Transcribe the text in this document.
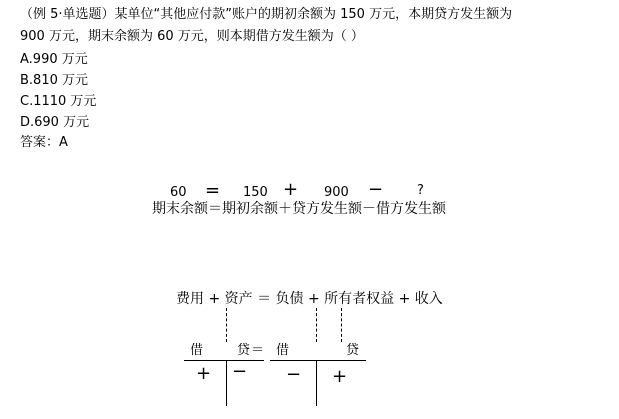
（例 5·单选题）某单位“其他应付款”账户的期初余额为 150 万元，本期贷方发生额为
900 万元，期末余额为 60 万元，则本期借方发生额为（ ）
A.990 万元
B.810 万元
C.1110 万元
D.690 万元
答案：A
60 = 150 + 900 −	?
期末余额＝期初余额＋贷方发生额－借方发生额
费用 + 资产 ＝ 负债 + 所有者权益 + 收入
借	贷 ＝
+ −
借	贷
− +
